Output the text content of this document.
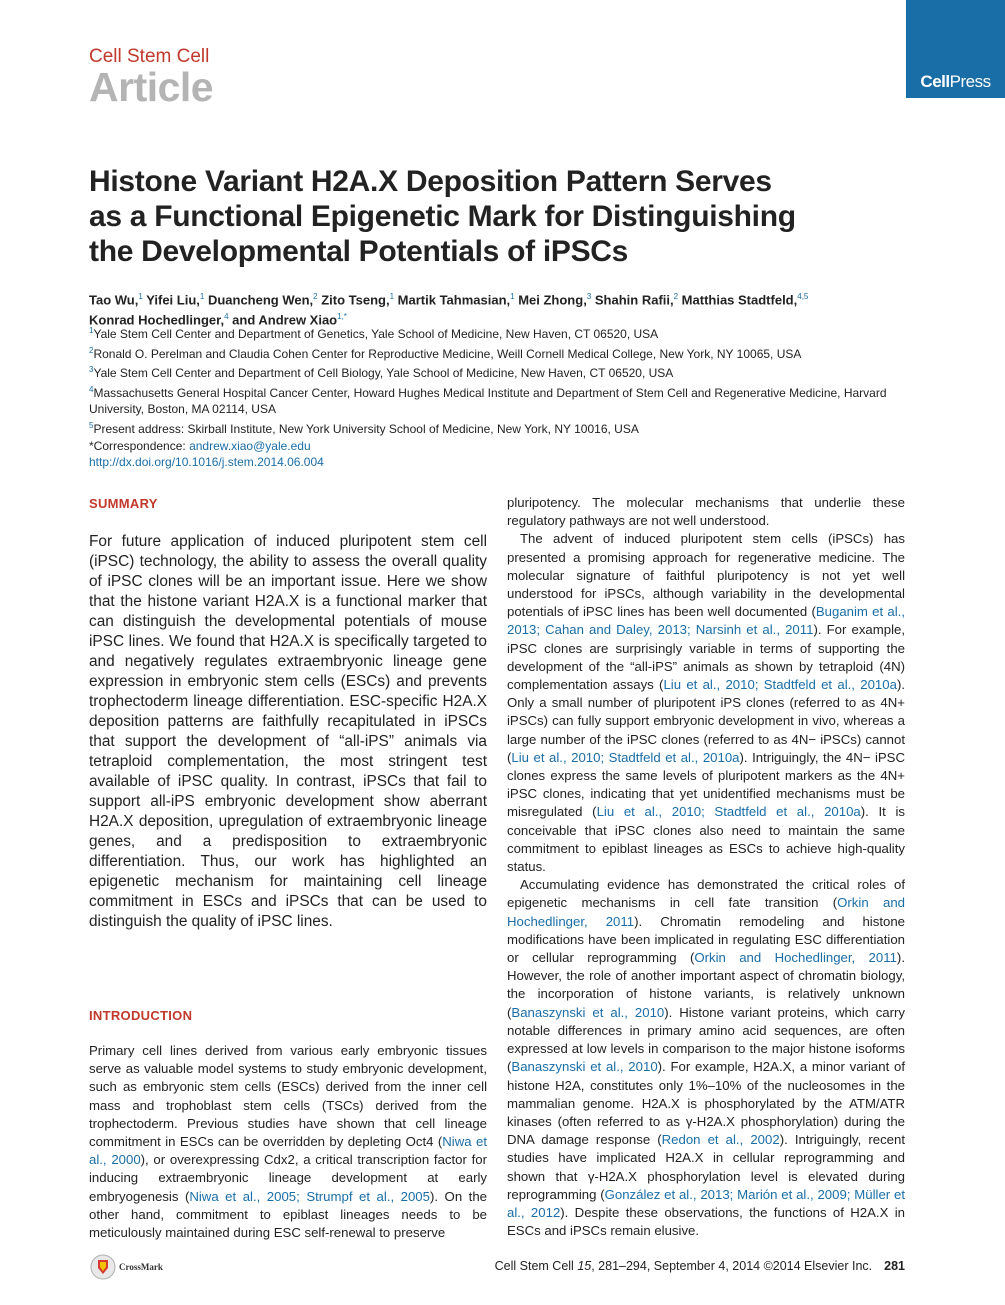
Cell Stem Cell
Article	CellPress
Histone Variant H2A.X Deposition Pattern Serves
as a Functional Epigenetic Mark for Distinguishing
the Developmental Potentials of iPSCs
Tao Wu,$^1$ Yifei Liu,$^1$ Duancheng Wen,$^2$ Zito Tseng,$^1$ Martik Tahmasian,$^1$ Mei Zhong,$^3$ Shahin Rafii,$^2$ Matthias Stadtfeld,$^{4,5}$
Konrad Hochedlinger,$^4$ and Andrew Xiao$^{1,*}$
$^1$Yale Stem Cell Center and Department of Genetics, Yale School of Medicine, New Haven, CT 06520, USA
$^2$Ronald O. Perelman and Claudia Cohen Center for Reproductive Medicine, Weill Cornell Medical College, New York, NY 10065, USA
$^3$Yale Stem Cell Center and Department of Cell Biology, Yale School of Medicine, New Haven, CT 06520, USA
$^4$Massachusetts General Hospital Cancer Center, Howard Hughes Medical Institute and Department of Stem Cell and Regenerative Medicine, Harvard University, Boston, MA 02114, USA
$^5$Present address: Skirball Institute, New York University School of Medicine, New York, NY 10016, USA
*Correspondence: andrew.xiao@yale.edu
http://dx.doi.org/10.1016/j.stem.2014.06.004
SUMMARY
For future application of induced pluripotent stem cell (iPSC) technology, the ability to assess the overall quality of iPSC clones will be an important issue. Here we show that the histone variant H2A.X is a functional marker that can distinguish the developmental potentials of mouse iPSC lines. We found that H2A.X is specifically targeted to and negatively regulates extraembryonic lineage gene expression in embryonic stem cells (ESCs) and prevents trophectoderm lineage differentiation. ESC-specific H2A.X deposition patterns are faithfully recapitulated in iPSCs that support the development of “all-iPS” animals via tetraploid complementation, the most stringent test available of iPSC quality. In contrast, iPSCs that fail to support all-iPS embryonic development show aberrant H2A.X deposition, upregulation of extraembryonic lineage genes, and a predisposition to extraembryonic differentiation. Thus, our work has highlighted an epigenetic mechanism for maintaining cell lineage commitment in ESCs and iPSCs that can be used to distinguish the quality of iPSC lines.
INTRODUCTION

Primary cell lines derived from various early embryonic tissues serve as valuable model systems to study embryonic development, such as embryonic stem cells (ESCs) derived from the inner cell mass and trophoblast stem cells (TSCs) derived from the trophectoderm. Previous studies have shown that cell lineage commitment in ESCs can be overridden by depleting Oct4 (Niwa et al., 2000), or overexpressing Cdx2, a critical transcription factor for inducing extraembryonic lineage development at early embryogenesis (Niwa et al., 2005; Strumpf et al., 2005). On the other hand, commitment to epiblast lineages needs to be meticulously maintained during ESC self-renewal to preserve

pluripotency. The molecular mechanisms that underlie these regulatory pathways are not well understood.

The advent of induced pluripotent stem cells (iPSCs) has presented a promising approach for regenerative medicine. The molecular signature of faithful pluripotency is not yet well understood for iPSCs, although variability in the developmental potentials of iPSC lines has been well documented (Buganim et al., 2013; Cahan and Daley, 2013; Narsinh et al., 2011). For example, iPSC clones are surprisingly variable in terms of supporting the development of the “all-iPS” animals as shown by tetraploid (4N) complementation assays (Liu et al., 2010; Stadtfeld et al., 2010a). Only a small number of pluripotent iPS clones (referred to as 4N+ iPSCs) can fully support embryonic development in vivo, whereas a large number of the iPSC clones (referred to as 4N− iPSCs) cannot (Liu et al., 2010; Stadtfeld et al., 2010a). Intriguingly, the 4N− iPSC clones express the same levels of pluripotent markers as the 4N+ iPSC clones, indicating that yet unidentified mechanisms must be misregulated (Liu et al., 2010; Stadtfeld et al., 2010a). It is conceivable that iPSC clones also need to maintain the same commitment to epiblast lineages as ESCs to achieve high-quality status.

Accumulating evidence has demonstrated the critical roles of epigenetic mechanisms in cell fate transition (Orkin and Hochedlinger, 2011). Chromatin remodeling and histone modifications have been implicated in regulating ESC differentiation or cellular reprogramming (Orkin and Hochedlinger, 2011). However, the role of another important aspect of chromatin biology, the incorporation of histone variants, is relatively unknown (Banaszynski et al., 2010). Histone variant proteins, which carry notable differences in primary amino acid sequences, are often expressed at low levels in comparison to the major histone isoforms (Banaszynski et al., 2010). For example, H2A.X, a minor variant of histone H2A, constitutes only 1%–10% of the nucleosomes in the mammalian genome. H2A.X is phosphorylated by the ATM/ATR kinases (often referred to as γ-H2A.X phosphorylation) during the DNA damage response (Redon et al., 2002). Intriguingly, recent studies have implicated H2A.X in cellular reprogramming and shown that γ-H2A.X phosphorylation level is elevated during reprogramming (González et al., 2013; Marión et al., 2009; Müller et al., 2012). Despite these observations, the functions of H2A.X in ESCs and iPSCs remain elusive.

CrossMark	Cell Stem Cell 15, 281–294, September 4, 2014 ©2014 Elsevier Inc. 281
